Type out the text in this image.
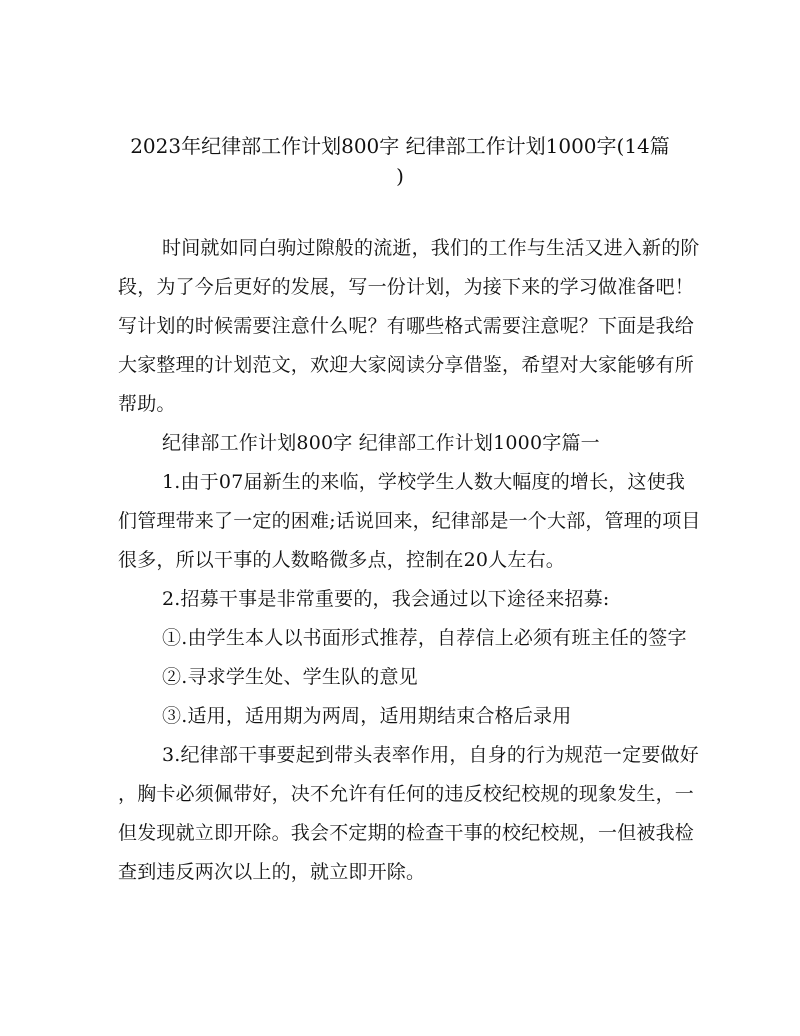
2023年纪律部工作计划800字 纪律部工作计划1000字(14篇
)
时间就如同白驹过隙般的流逝，我们的工作与生活又进入新的阶
段，为了今后更好的发展，写一份计划，为接下来的学习做准备吧！
写计划的时候需要注意什么呢？有哪些格式需要注意呢？下面是我给
大家整理的计划范文，欢迎大家阅读分享借鉴，希望对大家能够有所
帮助。
纪律部工作计划800字 纪律部工作计划1000字篇一
1.由于07届新生的来临，学校学生人数大幅度的增长，这使我
们管理带来了一定的困难;话说回来，纪律部是一个大部，管理的项目
很多，所以干事的人数略微多点，控制在20人左右。
2.招募干事是非常重要的，我会通过以下途径来招募:
①.由学生本人以书面形式推荐，自荐信上必须有班主任的签字
②.寻求学生处、学生队的意见
③.适用，适用期为两周，适用期结束合格后录用
3.纪律部干事要起到带头表率作用，自身的行为规范一定要做好
，胸卡必须佩带好，决不允许有任何的违反校纪校规的现象发生，一
但发现就立即开除。我会不定期的检查干事的校纪校规，一但被我检
查到违反两次以上的，就立即开除。
